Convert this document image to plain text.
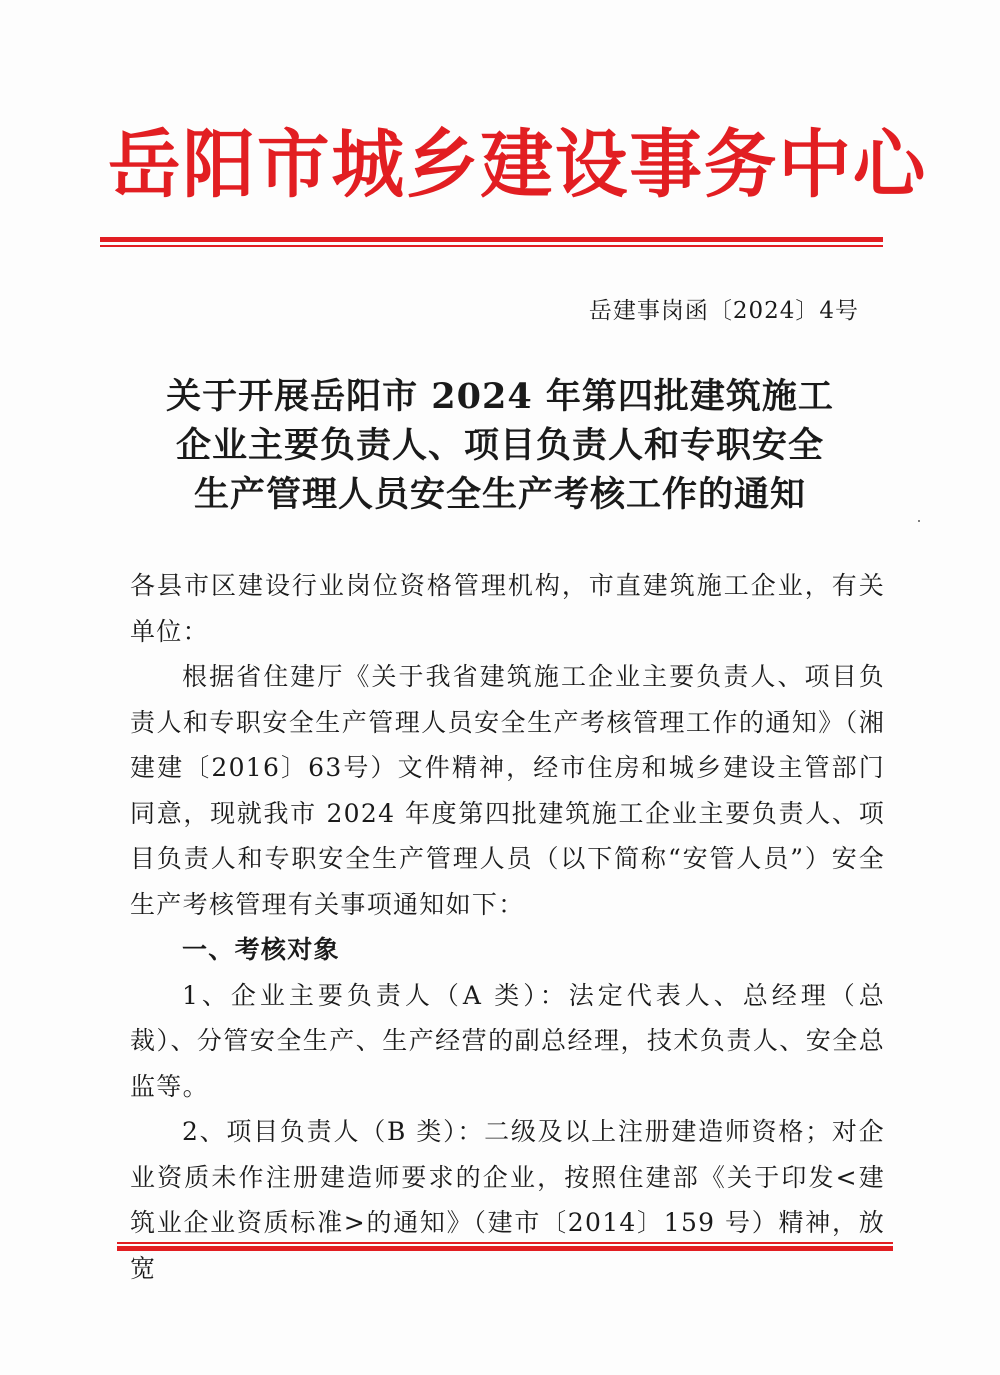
岳阳市城乡建设事务中心
岳建事岗函〔2024〕4号
关于开展岳阳市 2024 年第四批建筑施工
企业主要负责人、项目负责人和专职安全
生产管理人员安全生产考核工作的通知

各县市区建设行业岗位资格管理机构，市直建筑施工企业，有关单位：

根据省住建厅《关于我省建筑施工企业主要负责人、项目负责人和专职安全生产管理人员安全生产考核管理工作的通知》（湘建建〔2016〕63号）文件精神，经市住房和城乡建设主管部门同意，现就我市 2024 年度第四批建筑施工企业主要负责人、项目负责人和专职安全生产管理人员（以下简称“安管人员”）安全生产考核管理有关事项通知如下：

一、考核对象

1、企业主要负责人（A 类）：法定代表人、总经理（总裁）、分管安全生产、生产经营的副总经理，技术负责人、安全总监等。

2、项目负责人（B 类）：二级及以上注册建造师资格；对企业资质未作注册建造师要求的企业，按照住建部《关于印发<建筑业企业资质标准>的通知》（建市〔2014〕159 号）精神，放宽
